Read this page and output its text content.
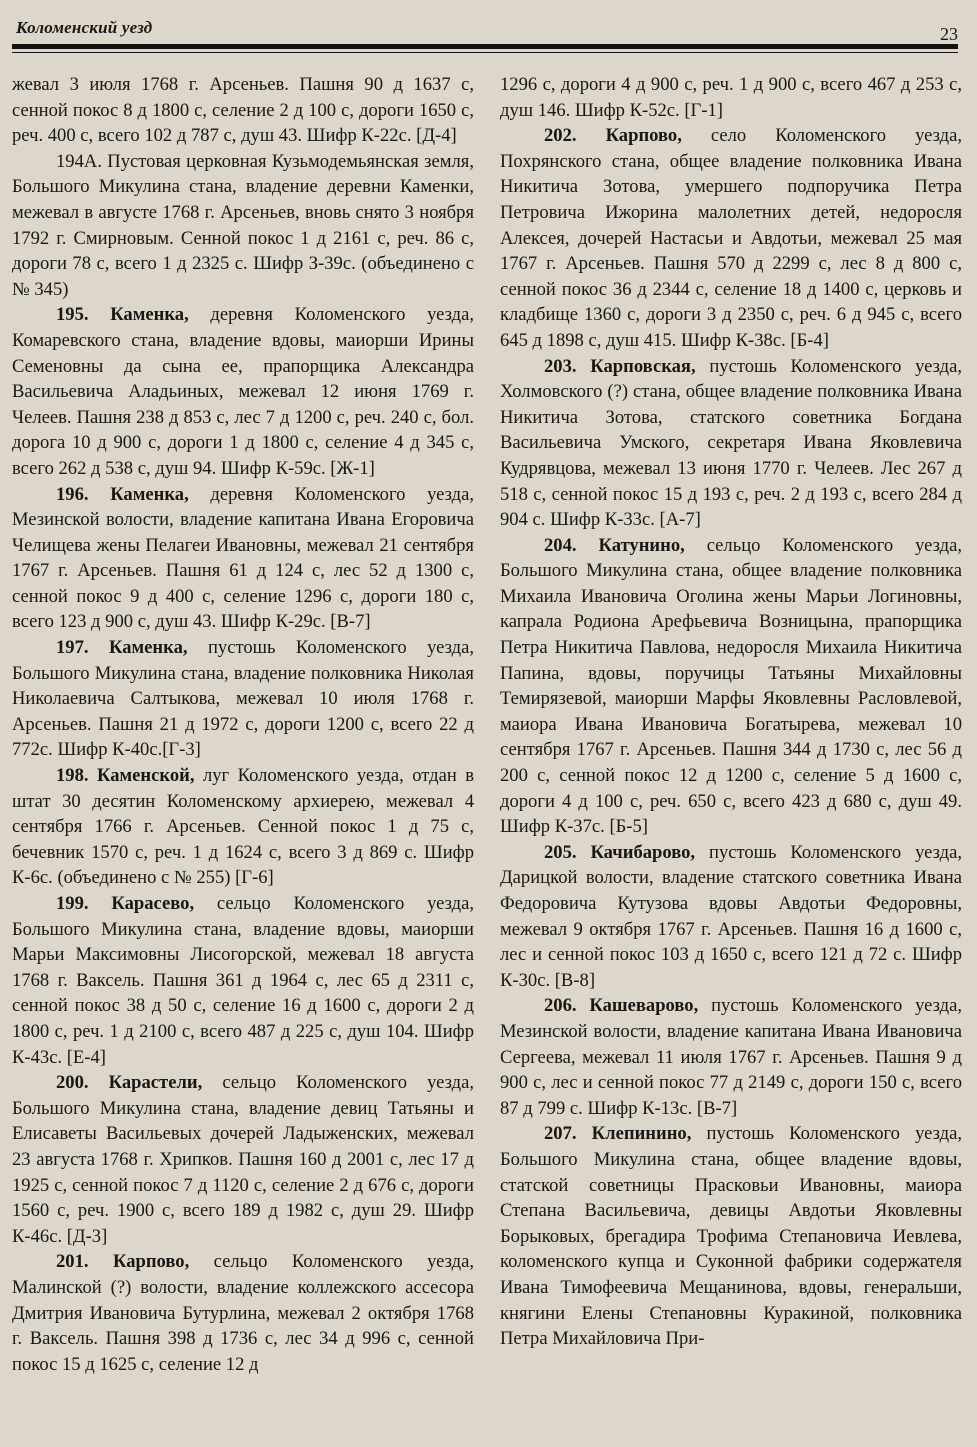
Коломенский уезд	23

жевал 3 июля 1768 г. Арсеньев. Пашня 90 д 1637 с, сенной покос 8 д 1800 с, селение 2 д 100 с, дороги 1650 с, реч. 400 с, всего 102 д 787 с, душ 43. Шифр К-22с. [Д-4]

194А. Пустовая церковная Кузьмодемьянская земля, Большого Микулина стана, владение деревни Каменки, межевал в августе 1768 г. Арсеньев, вновь снято 3 ноября 1792 г. Смирновым. Сенной покос 1 д 2161 с, реч. 86 с, дороги 78 с, всего 1 д 2325 с. Шифр З-39с. (объединено с № 345)

195. Каменка, деревня Коломенского уезда, Комаревского стана, владение вдовы, маиорши Ирины Семеновны да сына ее, прапорщика Александра Васильевича Аладьиных, межевал 12 июня 1769 г. Челеев. Пашня 238 д 853 с, лес 7 д 1200 с, реч. 240 с, бол. дорога 10 д 900 с, дороги 1 д 1800 с, селение 4 д 345 с, всего 262 д 538 с, душ 94. Шифр К-59с. [Ж-1]

196. Каменка, деревня Коломенского уезда, Мезинской волости, владение капитана Ивана Егоровича Челищева жены Пелагеи Ивановны, межевал 21 сентября 1767 г. Арсеньев. Пашня 61 д 124 с, лес 52 д 1300 с, сенной покос 9 д 400 с, селение 1296 с, дороги 180 с, всего 123 д 900 с, душ 43. Шифр К-29с. [В-7]

197. Каменка, пустошь Коломенского уезда, Большого Микулина стана, владение полковника Николая Николаевича Салтыкова, межевал 10 июля 1768 г. Арсеньев. Пашня 21 д 1972 с, дороги 1200 с, всего 22 д 772с. Шифр К-40с.[Г-3]

198. Каменской, луг Коломенского уезда, отдан в штат 30 десятин Коломенскому архиерею, межевал 4 сентября 1766 г. Арсеньев. Сенной покос 1 д 75 с, бечевник 1570 с, реч. 1 д 1624 с, всего 3 д 869 с. Шифр К-6с. (объединено с № 255) [Г-6]

199. Карасево, сельцо Коломенского уезда, Большого Микулина стана, владение вдовы, маиорши Марьи Максимовны Лисогорской, межевал 18 августа 1768 г. Ваксель. Пашня 361 д 1964 с, лес 65 д 2311 с, сенной покос 38 д 50 с, селение 16 д 1600 с, дороги 2 д 1800 с, реч. 1 д 2100 с, всего 487 д 225 с, душ 104. Шифр К-43с. [Е-4]

200. Карастели, сельцо Коломенского уезда, Большого Микулина стана, владение девиц Татьяны и Елисаветы Васильевых дочерей Ладыженских, межевал 23 августа 1768 г. Хрипков. Пашня 160 д 2001 с, лес 17 д 1925 с, сенной покос 7 д 1120 с, селение 2 д 676 с, дороги 1560 с, реч. 1900 с, всего 189 д 1982 с, душ 29. Шифр К-46с. [Д-3]

201. Карпово, сельцо Коломенского уезда, Малинской (?) волости, владение коллежского ассесора Дмитрия Ивановича Бутурлина, межевал 2 октября 1768 г. Ваксель. Пашня 398 д 1736 с, лес 34 д 996 с, сенной покос 15 д 1625 с, селение 12 д

1296 с, дороги 4 д 900 с, реч. 1 д 900 с, всего 467 д 253 с, душ 146. Шифр К-52с. [Г-1]

202. Карпово, село Коломенского уезда, Похрянского стана, общее владение полковника Ивана Никитича Зотова, умершего подпоручика Петра Петровича Ижорина малолетних детей, недоросля Алексея, дочерей Настасьи и Авдотьи, межевал 25 мая 1767 г. Арсеньев. Пашня 570 д 2299 с, лес 8 д 800 с, сенной покос 36 д 2344 с, селение 18 д 1400 с, церковь и кладбище 1360 с, дороги 3 д 2350 с, реч. 6 д 945 с, всего 645 д 1898 с, душ 415. Шифр К-38с. [Б-4]

203. Карповская, пустошь Коломенского уезда, Холмовского (?) стана, общее владение полковника Ивана Никитича Зотова, статского советника Богдана Васильевича Умского, секретаря Ивана Яковлевича Кудрявцова, межевал 13 июня 1770 г. Челеев. Лес 267 д 518 с, сенной покос 15 д 193 с, реч. 2 д 193 с, всего 284 д 904 с. Шифр К-33с. [А-7]

204. Катунино, сельцо Коломенского уезда, Большого Микулина стана, общее владение полковника Михаила Ивановича Оголина жены Марьи Логиновны, капрала Родиона Арефьевича Возницына, прапорщика Петра Никитича Павлова, недоросля Михаила Никитича Папина, вдовы, поручицы Татьяны Михайловны Темирязевой, маиорши Марфы Яковлевны Расловлевой, маиора Ивана Ивановича Богатырева, межевал 10 сентября 1767 г. Арсеньев. Пашня 344 д 1730 с, лес 56 д 200 с, сенной покос 12 д 1200 с, селение 5 д 1600 с, дороги 4 д 100 с, реч. 650 с, всего 423 д 680 с, душ 49. Шифр К-37с. [Б-5]

205. Качибарово, пустошь Коломенского уезда, Дарицкой волости, владение статского советника Ивана Федоровича Кутузова вдовы Авдотьи Федоровны, межевал 9 октября 1767 г. Арсеньев. Пашня 16 д 1600 с, лес и сенной покос 103 д 1650 с, всего 121 д 72 с. Шифр К-30с. [В-8]

206. Кашеварово, пустошь Коломенского уезда, Мезинской волости, владение капитана Ивана Ивановича Сергеева, межевал 11 июля 1767 г. Арсеньев. Пашня 9 д 900 с, лес и сенной покос 77 д 2149 с, дороги 150 с, всего 87 д 799 с. Шифр К-13с. [В-7]

207. Клепинино, пустошь Коломенского уезда, Большого Микулина стана, общее владение вдовы, статской советницы Прасковьи Ивановны, маиора Степана Васильевича, девицы Авдотьи Яковлевны Борыковых, брегадира Трофима Степановича Иевлева, коломенского купца и Суконной фабрики содержателя Ивана Тимофеевича Мещанинова, вдовы, генеральши, княгини Елены Степановны Куракиной, полковника Петра Михайловича При-
